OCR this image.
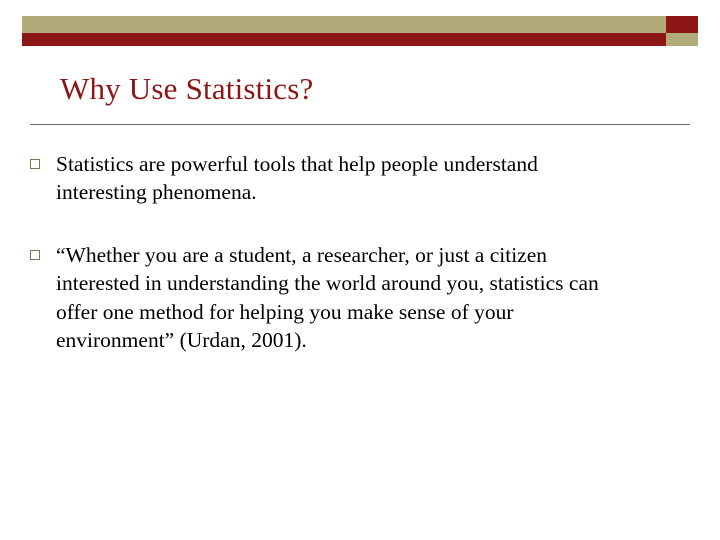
Why Use Statistics?
Statistics are powerful tools that help people understand interesting phenomena.
“Whether you are a student, a researcher, or just a citizen interested in understanding the world around you, statistics can offer one method for helping you make sense of your environment” (Urdan, 2001).
